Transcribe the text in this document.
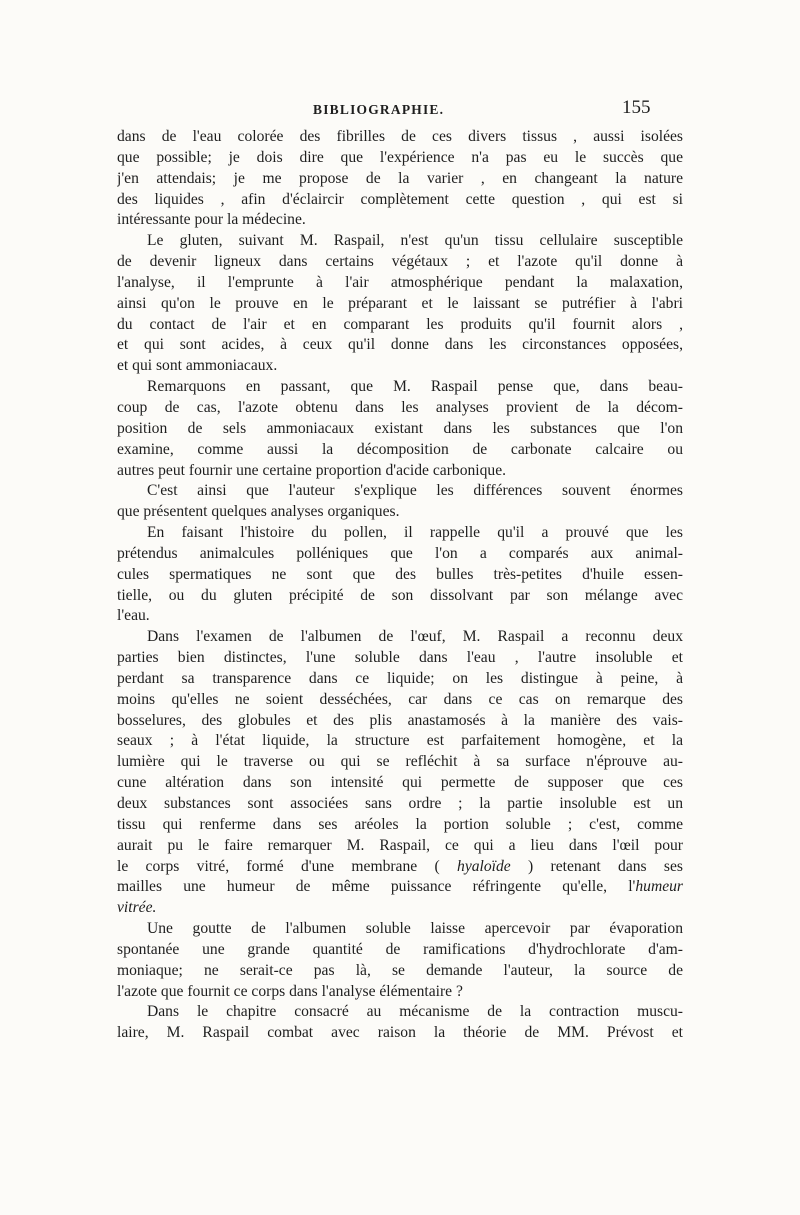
BIBLIOGRAPHIE.	155
dans de l'eau colorée des fibrilles de ces divers tissus , aussi isolées
que possible; je dois dire que l'expérience n'a pas eu le succès que
j'en attendais; je me propose de la varier , en changeant la nature
des liquides , afin d'éclaircir complètement cette question , qui est si
intéressante pour la médecine.
Le gluten, suivant M. Raspail, n'est qu'un tissu cellulaire susceptible
de devenir ligneux dans certains végétaux ; et l'azote qu'il donne à
l'analyse, il l'emprunte à l'air atmosphérique pendant la malaxation,
ainsi qu'on le prouve en le préparant et le laissant se putréfier à l'abri
du contact de l'air et en comparant les produits qu'il fournit alors ,
et qui sont acides, à ceux qu'il donne dans les circonstances opposées,
et qui sont ammoniacaux.
Remarquons en passant, que M. Raspail pense que, dans beau-
coup de cas, l'azote obtenu dans les analyses provient de la décom-
position de sels ammoniacaux existant dans les substances que l'on
examine, comme aussi la décomposition de carbonate calcaire ou
autres peut fournir une certaine proportion d'acide carbonique.
C'est ainsi que l'auteur s'explique les différences souvent énormes
que présentent quelques analyses organiques.
En faisant l'histoire du pollen, il rappelle qu'il a prouvé que les
prétendus animalcules polléniques que l'on a comparés aux animal-
cules spermatiques ne sont que des bulles très-petites d'huile essen-
tielle, ou du gluten précipité de son dissolvant par son mélange avec
l'eau.
Dans l'examen de l'albumen de l'œuf, M. Raspail a reconnu deux
parties bien distinctes, l'une soluble dans l'eau , l'autre insoluble et
perdant sa transparence dans ce liquide; on les distingue à peine, à
moins qu'elles ne soient desséchées, car dans ce cas on remarque des
bosselures, des globules et des plis anastamosés à la manière des vais-
seaux ; à l'état liquide, la structure est parfaitement homogène, et la
lumière qui le traverse ou qui se refléchit à sa surface n'éprouve au-
cune altération dans son intensité qui permette de supposer que ces
deux substances sont associées sans ordre ; la partie insoluble est un
tissu qui renferme dans ses aréoles la portion soluble ; c'est, comme
aurait pu le faire remarquer M. Raspail, ce qui a lieu dans l'œil pour
le corps vitré, formé d'une membrane ( hyaloïde ) retenant dans ses
mailles une humeur de même puissance réfringente qu'elle, l'humeur
vitrée.
Une goutte de l'albumen soluble laisse apercevoir par évaporation
spontanée une grande quantité de ramifications d'hydrochlorate d'am-
moniaque; ne serait-ce pas là, se demande l'auteur, la source de
l'azote que fournit ce corps dans l'analyse élémentaire ?
Dans le chapitre consacré au mécanisme de la contraction muscu-
laire, M. Raspail combat avec raison la théorie de MM. Prévost et
